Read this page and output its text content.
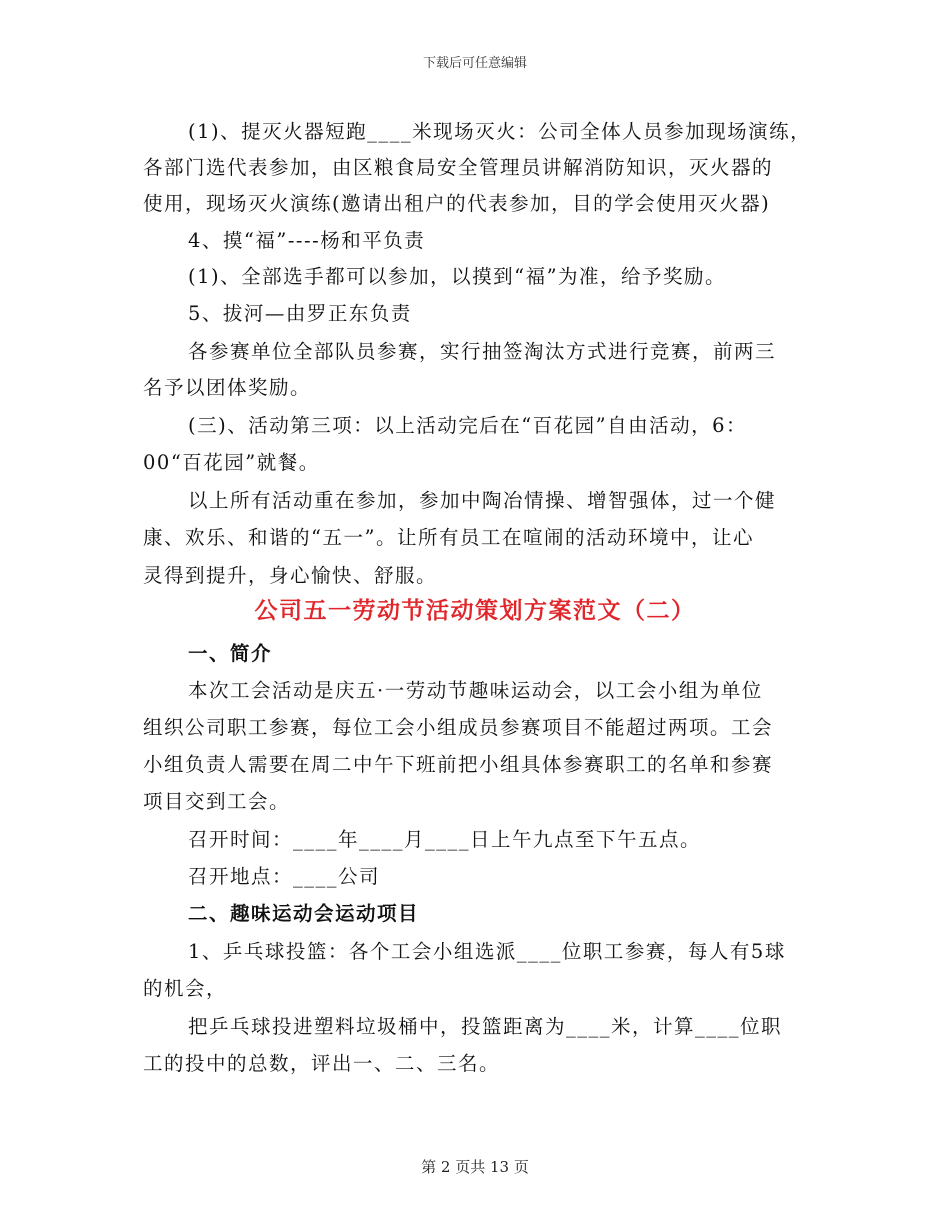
下载后可任意编辑
(1)、提灭火器短跑____米现场灭火：公司全体人员参加现场演练，
各部门选代表参加，由区粮食局安全管理员讲解消防知识，灭火器的
使用，现场灭火演练(邀请出租户的代表参加，目的学会使用灭火器)
4、摸“福”----杨和平负责
(1)、全部选手都可以参加，以摸到“福”为准，给予奖励。
5、拔河—由罗正东负责
各参赛单位全部队员参赛，实行抽签淘汰方式进行竞赛，前两三
名予以团体奖励。
(三)、活动第三项：以上活动完后在“百花园”自由活动，6：
00“百花园”就餐。
以上所有活动重在参加，参加中陶冶情操、增智强体，过一个健
康、欢乐、和谐的“五一”。让所有员工在喧闹的活动环境中，让心
灵得到提升，身心愉快、舒服。
公司五一劳动节活动策划方案范文（二）
一、简介
本次工会活动是庆五·一劳动节趣味运动会，以工会小组为单位
组织公司职工参赛，每位工会小组成员参赛项目不能超过两项。工会
小组负责人需要在周二中午下班前把小组具体参赛职工的名单和参赛
项目交到工会。
召开时间：____年____月____日上午九点至下午五点。
召开地点：____公司
二、趣味运动会运动项目
1、乒乓球投篮：各个工会小组选派____位职工参赛，每人有5球
的机会，
把乒乓球投进塑料垃圾桶中，投篮距离为____米，计算____位职
工的投中的总数，评出一、二、三名。
第 2 页共 13 页
